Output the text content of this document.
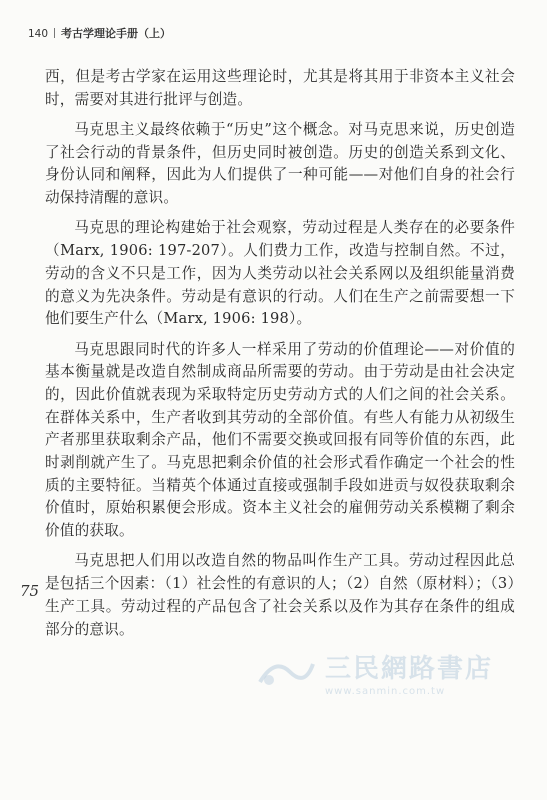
140 考古学理论手册（上）
75

西，但是考古学家在运用这些理论时，尤其是将其用于非资本主义社会时，需要对其进行批评与创造。

马克思主义最终依赖于“历史”这个概念。对马克思来说，历史创造了社会行动的背景条件，但历史同时被创造。历史的创造关系到文化、身份认同和阐释，因此为人们提供了一种可能——对他们自身的社会行动保持清醒的意识。

马克思的理论构建始于社会观察，劳动过程是人类存在的必要条件（Marx, 1906: 197-207）。人们费力工作，改造与控制自然。不过，劳动的含义不只是工作，因为人类劳动以社会关系网以及组织能量消费的意义为先决条件。劳动是有意识的行动。人们在生产之前需要想一下他们要生产什么（Marx, 1906: 198）。

马克思跟同时代的许多人一样采用了劳动的价值理论——对价值的基本衡量就是改造自然制成商品所需要的劳动。由于劳动是由社会决定的，因此价值就表现为采取特定历史劳动方式的人们之间的社会关系。在群体关系中，生产者收到其劳动的全部价值。有些人有能力从初级生产者那里获取剩余产品，他们不需要交换或回报有同等价值的东西，此时剥削就产生了。马克思把剩余价值的社会形式看作确定一个社会的性质的主要特征。当精英个体通过直接或强制手段如进贡与奴役获取剩余价值时，原始积累便会形成。资本主义社会的雇佣劳动关系模糊了剩余价值的获取。

马克思把人们用以改造自然的物品叫作生产工具。劳动过程因此总是包括三个因素：（1）社会性的有意识的人；（2）自然（原材料）；（3）生产工具。劳动过程的产品包含了社会关系以及作为其存在条件的组成部分的意识。

三民網路書店
www.sanmin.com.tw
